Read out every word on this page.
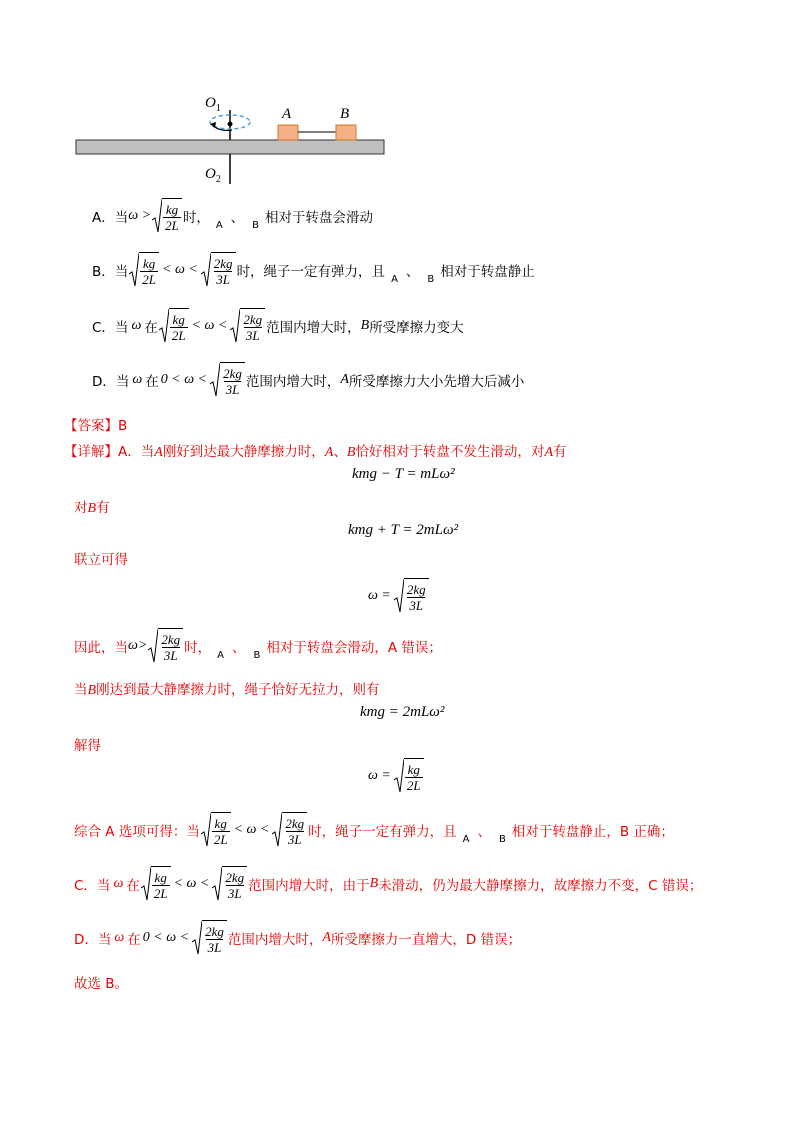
$O_1$
$O_2$
A	B
A．当 $\omega > \frac{kg}{2L}$ 时， A 、 B 相对于转盘会滑动
B．当 $\frac{kg}{2L} < \omega < \frac{2kg}{3L}$ 时，绳子一定有弹力，且 A 、 B 相对于转盘静止
C．当 ω 在 $\frac{kg}{2L} < \omega < \frac{2kg}{3L}$ 范围内增大时， B 所受摩擦力变大
D．当 ω 在 $0 < \omega < \frac{2kg}{3L}$ 范围内增大时， A 所受摩擦力大小先增大后减小
【答案】B
【详解】A．当A刚好到达最大静摩擦力时，A、B恰好相对于转盘不发生滑动，对A有
kmg − T = mLω²
对B有
kmg + T = 2mLω²
联立可得
$\omega = \frac{2kg}{3L}$
因此，当 $\omega> \frac{2kg}{3L}$ 时， A 、 B 相对于转盘会滑动，A 错误；
当B刚达到最大静摩擦力时，绳子恰好无拉力，则有
kmg = 2mLω²
解得
$\omega = \frac{kg}{2L}$
综合 A 选项可得：当 $\frac{kg}{2L} < \omega < \frac{2kg}{3L}$ 时，绳子一定有弹力，且 A 、 B 相对于转盘静止，B 正确；
C．当 ω 在 $\frac{kg}{2L} < \omega < \frac{2kg}{3L}$ 范围内增大时，由于 B 未滑动，仍为最大静摩擦力，故摩擦力不变，C 错误；
D．当 ω 在 $0 < \omega < \frac{2kg}{3L}$ 范围内增大时， A 所受摩擦力一直增大，D 错误；
故选 B。
